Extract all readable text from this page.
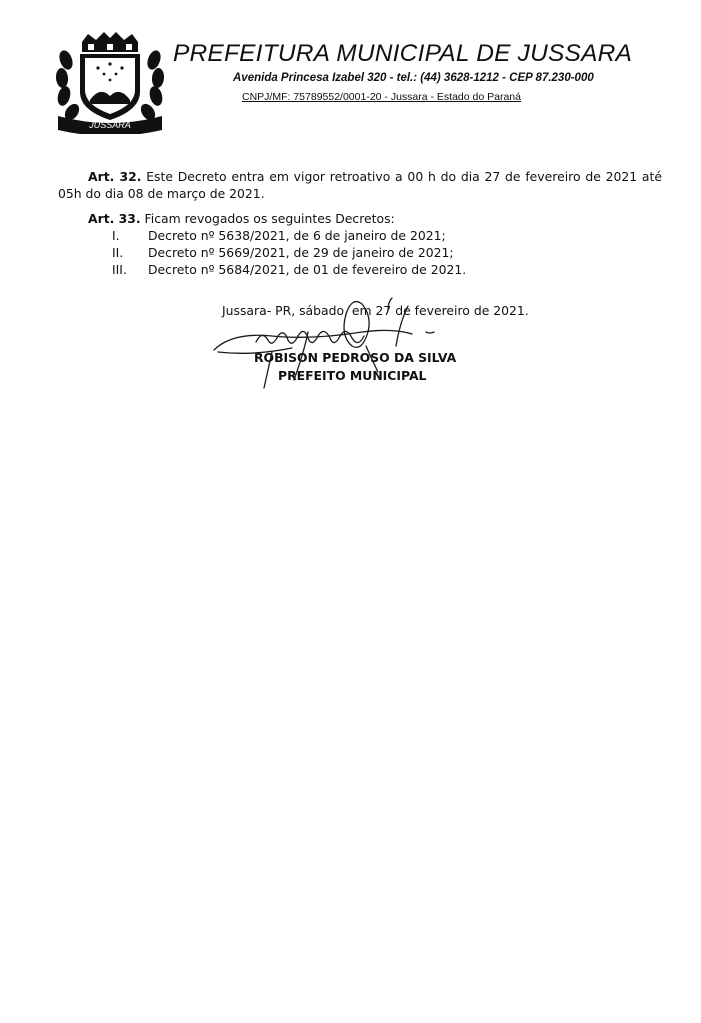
JUSSARA
PREFEITURA MUNICIPAL DE JUSSARA
Avenida Princesa Izabel 320 - tel.: (44) 3628-1212 - CEP 87.230-000
CNPJ/MF: 75789552/0001-20 - Jussara - Estado do Paraná
Art. 32. Este Decreto entra em vigor retroativo a 00 h do dia 27 de fevereiro de 2021 até 05h do dia 08 de março de 2021.
Art. 33. Ficam revogados os seguintes Decretos:
I.	Decreto nº 5638/2021, de 6 de janeiro de 2021;
II.	Decreto nº 5669/2021, de 29 de janeiro de 2021;
III.	Decreto nº 5684/2021, de 01 de fevereiro de 2021.
Jussara- PR, sábado, em 27 de fevereiro de 2021.
ROBISON PEDROSO DA SILVA
PREFEITO MUNICIPAL
